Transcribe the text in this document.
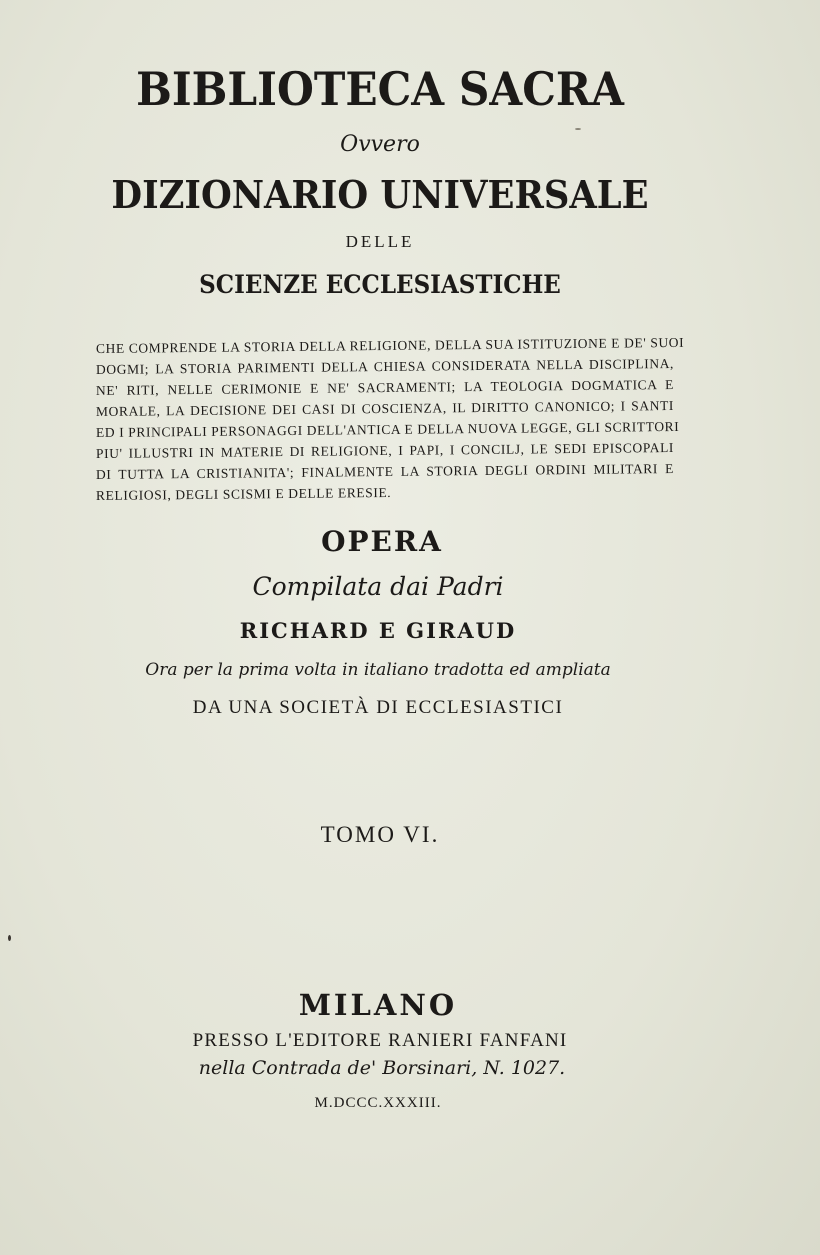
BIBLIOTECA SACRA
Ovvero
DIZIONARIO UNIVERSALE
DELLE
SCIENZE ECCLESIASTICHE
CHE COMPRENDE LA STORIA DELLA RELIGIONE, DELLA SUA ISTITUZIONE E DE' SUOI
DOGMI; LA STORIA PARIMENTI DELLA CHIESA CONSIDERATA NELLA DISCIPLINA,
NE' RITI, NELLE CERIMONIE E NE' SACRAMENTI; LA TEOLOGIA DOGMATICA E
MORALE, LA DECISIONE DEI CASI DI COSCIENZA, IL DIRITTO CANONICO; I SANTI
ED I PRINCIPALI PERSONAGGI DELL'ANTICA E DELLA NUOVA LEGGE, GLI SCRITTORI
PIU' ILLUSTRI IN MATERIE DI RELIGIONE, I PAPI, I CONCILJ, LE SEDI EPISCOPALI
DI TUTTA LA CRISTIANITA'; FINALMENTE LA STORIA DEGLI ORDINI MILITARI E
RELIGIOSI, DEGLI SCISMI E DELLE ERESIE.
OPERA
Compilata dai Padri
RICHARD E GIRAUD
Ora per la prima volta in italiano tradotta ed ampliata
DA UNA SOCIETÀ DI ECCLESIASTICI
TOMO VI.
MILANO
PRESSO L'EDITORE RANIERI FANFANI
nella Contrada de' Borsinari, N. 1027.
M.DCCC.XXXIII.
